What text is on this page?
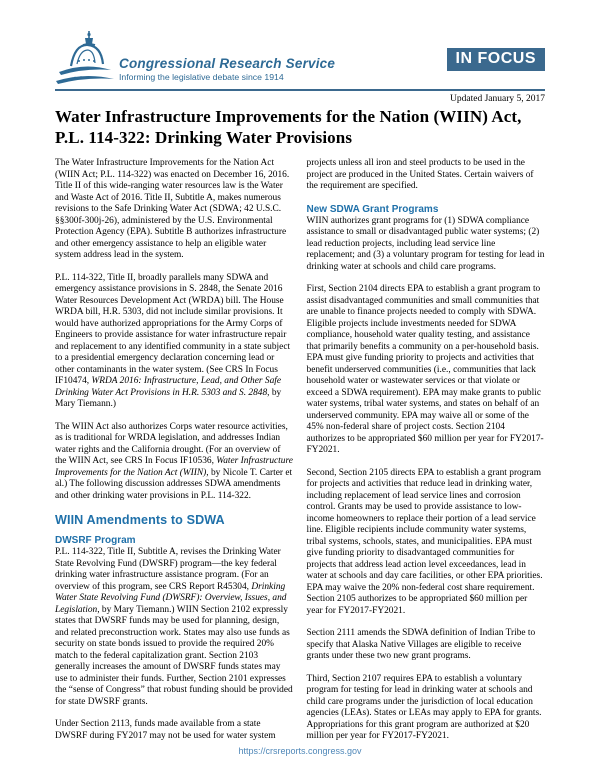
Congressional Research Service
Informing the legislative debate since 1914
IN FOCUS
Updated January 5, 2017
Water Infrastructure Improvements for the Nation (WIIN) Act,
P.L. 114-322: Drinking Water Provisions

The Water Infrastructure Improvements for the Nation Act (WIIN Act; P.L. 114-322) was enacted on December 16, 2016. Title II of this wide-ranging water resources law is the Water and Waste Act of 2016. Title II, Subtitle A, makes numerous revisions to the Safe Drinking Water Act (SDWA; 42 U.S.C. §§300f-300j-26), administered by the U.S. Environmental Protection Agency (EPA). Subtitle B authorizes infrastructure and other emergency assistance to help an eligible water system address lead in the system.

P.L. 114-322, Title II, broadly parallels many SDWA and emergency assistance provisions in S. 2848, the Senate 2016 Water Resources Development Act (WRDA) bill. The House WRDA bill, H.R. 5303, did not include similar provisions. It would have authorized appropriations for the Army Corps of Engineers to provide assistance for water infrastructure repair and replacement to any identified community in a state subject to a presidential emergency declaration concerning lead or other contaminants in the water system. (See CRS In Focus IF10474, WRDA 2016: Infrastructure, Lead, and Other Safe Drinking Water Act Provisions in H.R. 5303 and S. 2848, by Mary Tiemann.)

The WIIN Act also authorizes Corps water resource activities, as is traditional for WRDA legislation, and addresses Indian water rights and the California drought. (For an overview of the WIIN Act, see CRS In Focus IF10536, Water Infrastructure Improvements for the Nation Act (WIIN), by Nicole T. Carter et al.) The following discussion addresses SDWA amendments and other drinking water provisions in P.L. 114-322.

WIIN Amendments to SDWA
DWSRF Program

P.L. 114-322, Title II, Subtitle A, revises the Drinking Water State Revolving Fund (DWSRF) program—the key federal drinking water infrastructure assistance program. (For an overview of this program, see CRS Report R45304, Drinking Water State Revolving Fund (DWSRF): Overview, Issues, and Legislation, by Mary Tiemann.) WIIN Section 2102 expressly states that DWSRF funds may be used for planning, design, and related preconstruction work. States may also use funds as security on state bonds issued to provide the required 20% match to the federal capitalization grant. Section 2103 generally increases the amount of DWSRF funds states may use to administer their funds. Further, Section 2101 expresses the “sense of Congress” that robust funding should be provided for state DWSRF grants.

Under Section 2113, funds made available from a state DWSRF during FY2017 may not be used for water system

projects unless all iron and steel products to be used in the project are produced in the United States. Certain waivers of the requirement are specified.

New SDWA Grant Programs

WIIN authorizes grant programs for (1) SDWA compliance assistance to small or disadvantaged public water systems; (2) lead reduction projects, including lead service line replacement; and (3) a voluntary program for testing for lead in drinking water at schools and child care programs.

First, Section 2104 directs EPA to establish a grant program to assist disadvantaged communities and small communities that are unable to finance projects needed to comply with SDWA. Eligible projects include investments needed for SDWA compliance, household water quality testing, and assistance that primarily benefits a community on a per-household basis. EPA must give funding priority to projects and activities that benefit underserved communities (i.e., communities that lack household water or wastewater services or that violate or exceed a SDWA requirement). EPA may make grants to public water systems, tribal water systems, and states on behalf of an underserved community. EPA may waive all or some of the 45% non-federal share of project costs. Section 2104 authorizes to be appropriated $60 million per year for FY2017-FY2021.

Second, Section 2105 directs EPA to establish a grant program for projects and activities that reduce lead in drinking water, including replacement of lead service lines and corrosion control. Grants may be used to provide assistance to low-income homeowners to replace their portion of a lead service line. Eligible recipients include community water systems, tribal systems, schools, states, and municipalities. EPA must give funding priority to disadvantaged communities for projects that address lead action level exceedances, lead in water at schools and day care facilities, or other EPA priorities. EPA may waive the 20% non-federal cost share requirement. Section 2105 authorizes to be appropriated $60 million per year for FY2017-FY2021.

Section 2111 amends the SDWA definition of Indian Tribe to specify that Alaska Native Villages are eligible to receive grants under these two new grant programs.

Third, Section 2107 requires EPA to establish a voluntary program for testing for lead in drinking water at schools and child care programs under the jurisdiction of local education agencies (LEAs). States or LEAs may apply to EPA for grants. Appropriations for this grant program are authorized at $20 million per year for FY2017-FY2021.

https://crsreports.congress.gov
